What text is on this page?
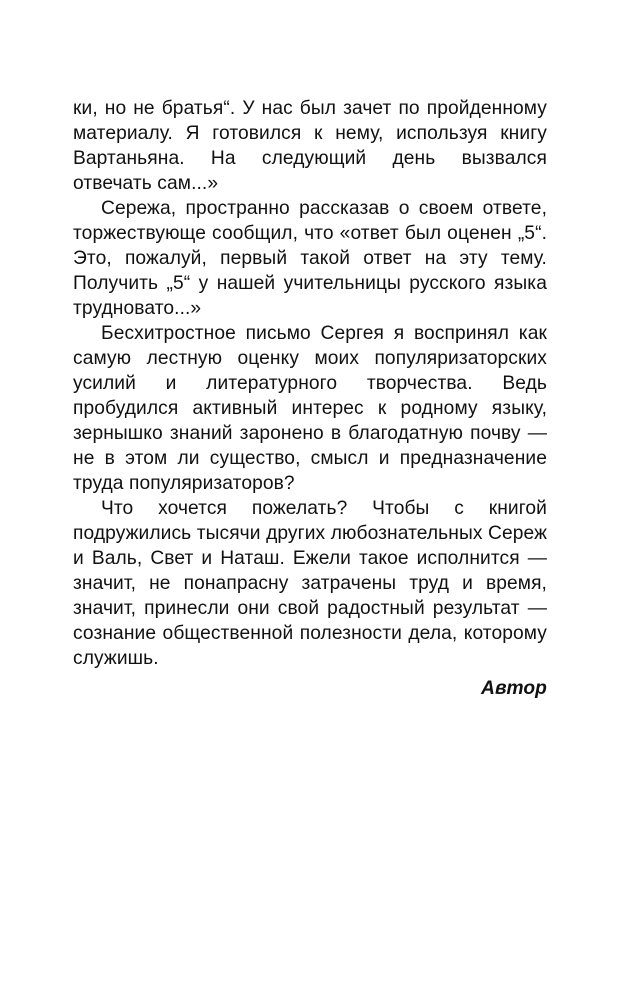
ки, но не братья“. У нас был зачет по пройденному материалу. Я готовился к нему, используя книгу Вартаньяна. На следующий день вызвался отвечать сам...»

Сережа, пространно рассказав о своем ответе, торжествующе сообщил, что «ответ был оценен „5“. Это, пожалуй, первый такой ответ на эту тему. Получить „5“ у нашей учительницы русского языка трудновато...»

Бесхитростное письмо Сергея я воспринял как самую лестную оценку моих популяризаторских усилий и литературного творчества. Ведь пробудился активный интерес к родному языку, зернышко знаний заронено в благодатную почву — не в этом ли существо, смысл и предназначение труда популяризаторов?

Что хочется пожелать? Чтобы с книгой подружились тысячи других любознательных Сереж и Валь, Свет и Наташ. Ежели такое исполнится — значит, не понапрасну затрачены труд и время, значит, принесли они свой радостный результат — сознание общественной полезности дела, которому служишь.

Автор
